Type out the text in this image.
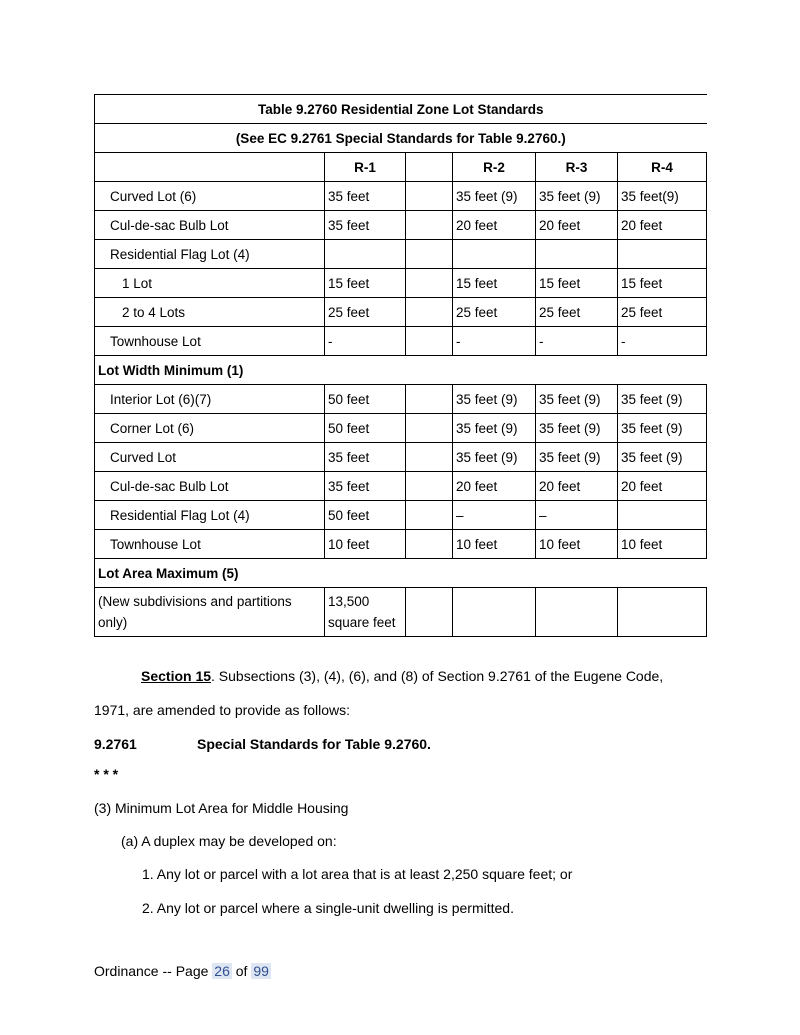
Table 9.2760 Residential Zone Lot Standards					
(See EC 9.2761 Special Standards for Table 9.2760.)					
	R-1		R-2	R-3	R-4
Curved Lot (6)	35 feet		35 feet (9)	35 feet (9)	35 feet(9)
Cul-de-sac Bulb Lot	35 feet		20 feet	20 feet	20 feet
Residential Flag Lot (4)					
1 Lot	15 feet		15 feet	15 feet	15 feet
2 to 4 Lots	25 feet		25 feet	25 feet	25 feet
Townhouse Lot	-		-	-	-
Lot Width Minimum (1)					
Interior Lot (6)(7)	50 feet		35 feet (9)	35 feet (9)	35 feet (9)
Corner Lot (6)	50 feet		35 feet (9)	35 feet (9)	35 feet (9)
Curved Lot	35 feet		35 feet (9)	35 feet (9)	35 feet (9)
Cul-de-sac Bulb Lot	35 feet		20 feet	20 feet	20 feet
Residential Flag Lot (4)	50 feet		–	–	
Townhouse Lot	10 feet		10 feet	10 feet	10 feet
Lot Area Maximum (5)					
(New subdivisions and partitions only)	13,500 square feet				
Section 15. Subsections (3), (4), (6), and (8) of Section 9.2761 of the Eugene Code,
1971, are amended to provide as follows:
9.2761	Special Standards for Table 9.2760.
* * *
(3) Minimum Lot Area for Middle Housing
(a) A duplex may be developed on:
1. Any lot or parcel with a lot area that is at least 2,250 square feet; or
2. Any lot or parcel where a single-unit dwelling is permitted.
Ordinance -- Page 26 of 99
